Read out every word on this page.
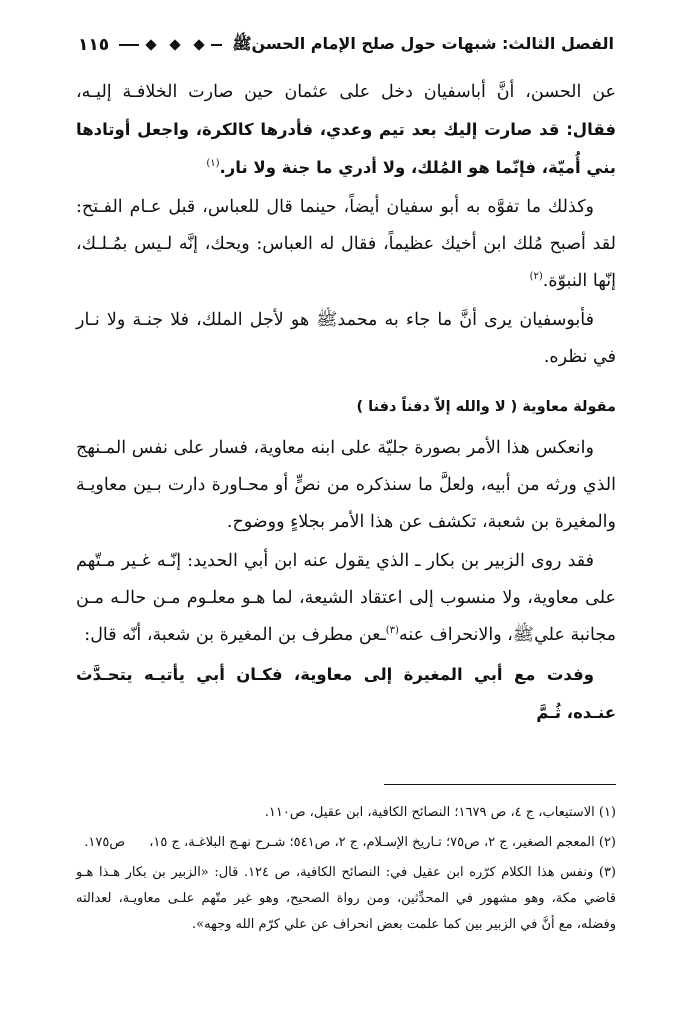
الفصل الثالث: شبهات حول صلح الإمام الحسنﷺ
١١٥

عن الحسن، أنَّ أباسفيان دخل على عثمان حين صارت الخلافـة إليـه، فقال: قد صارت إليك بعد تيم وعدي، فأدرها كالكرة، واجعل أوتادها بني أُميّة، فإنّما هو المُلك، ولا أدري ما جنة ولا نار.$^{(١)}$

وكذلك ما تفوَّه به أبو سفيان أيضاً، حينما قال للعباس، قبل عـام الفـتح: لقد أصبح مُلك ابن أخيك عظيماً، فقال له العباس: ويحك، إنَّه لـيس بمُـلـك، إنّها النبوّة.$^{(٢)}$

فأبوسفيان يرى أنَّ ما جاء به محمدﷺ هو لأجل الملك، فلا جنـة ولا نـار في نظره.

مقولة معاوية ( لا والله إلاّ دفناً دفنا )

وانعكس هذا الأمر بصورة جليّة على ابنه معاوية، فسار على نفس المـنهج الذي ورثه من أبيه، ولعلَّ ما سنذكره من نصٍّ أو محـاورة دارت بـين معاويـة والمغيرة بن شعبة، تكشف عن هذا الأمر بجلاءٍ ووضوح.

فقد روى الزبير بن بكار ـ الذي يقول عنه ابن أبي الحديد: إنّـه غـير مـتّهم على معاوية، ولا منسوب إلى اعتقاد الشيعة، لما هـو معلـوم مـن حالـه مـن مجانبة عليﷺ، والانحراف عنه$^{(٣)}$ـعن مطرف بن المغيرة بن شعبة، أنّه قال:

وفدت مع أبي المغيرة إلى معاوية، فكـان أبي يأتيـه يتحـدَّث عنـده، ثُـمَّ

(١) الاستيعاب، ج ٤، ص ١٦٧٩؛ النصائح الكافية، ابن عقيل، ص١١٠.

(٢) المعجم الصغير، ج ٢، ص٧٥؛ تـاريخ الإسـلام، ج ٢، ص٥٤١؛ شـرح نهـج البلاغـة، ج ١٥، ص١٧٥.

(٣) ونفس هذا الكلام كرّره ابن عقيل في: النصائح الكافية، ص ١٢٤. قال: «الزبير بن بكار هـذا هـو قاضي مكة، وهو مشهور في المحدِّثين، ومن رواة الصحيح، وهو غير متّهم علـى معاويـة، لعدالته وفضله، مع أنَّ في الزبير بين كما علمت بعض انحراف عن علي كرّم الله وجهه».
